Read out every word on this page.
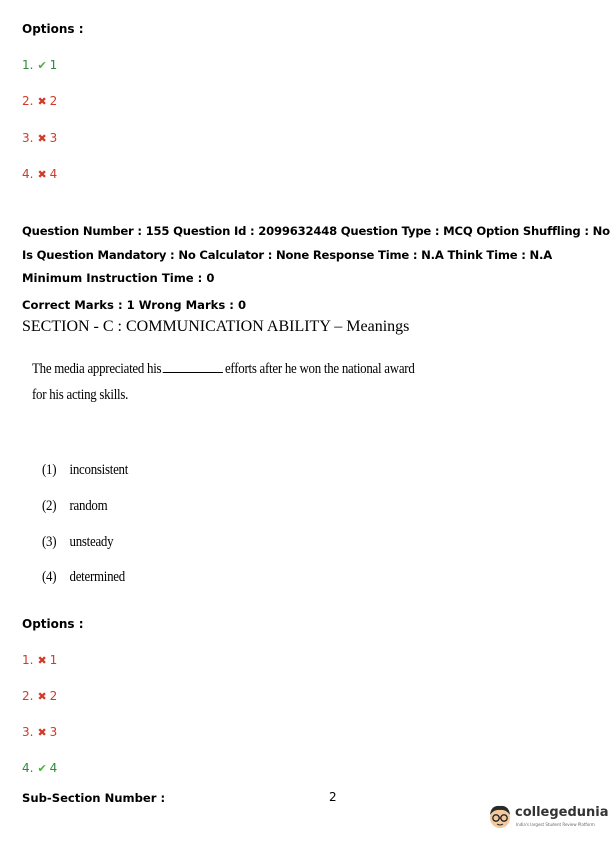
Options :
1. ✔ 1
2. ✖ 2
3. ✖ 3
4. ✖ 4
Question Number : 155 Question Id : 2099632448 Question Type : MCQ Option Shuffling : No
Is Question Mandatory : No Calculator : None Response Time : N.A Think Time : N.A
Minimum Instruction Time : 0
Correct Marks : 1 Wrong Marks : 0
SECTION - C : COMMUNICATION ABILITY – Meanings
The media appreciated his	efforts after he won the national award
for his acting skills.
(1) inconsistent
(2) random
(3) unsteady
(4) determined
Options :
1. ✖ 1
2. ✖ 2
3. ✖ 3
4. ✔ 4
Sub-Section Number :	2
collegedunia
India's largest Student Review Platform
